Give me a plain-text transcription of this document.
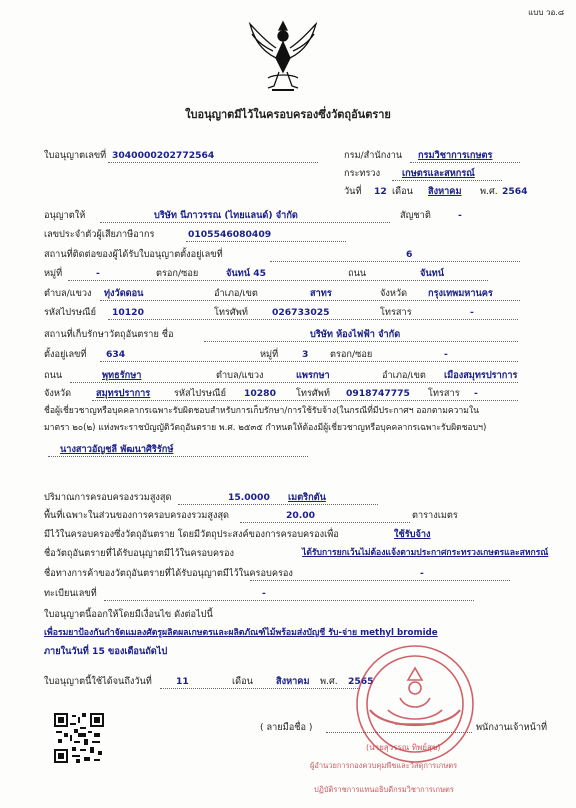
แบบ วอ.๘
ใบอนุญาตมีไว้ในครอบครองซึ่งวัตถุอันตราย
ใบอนุญาตเลขที่ 3040000202772564	กรม/สำนักงาน กรมวิชาการเกษตร
กระทรวง เกษตรและสหกรณ์
วันที่ 12 เดือน สิงหาคม พ.ศ. 2564
อนุญาตให้	บริษัท นีภาวรรณ (ไทยแลนด์) จำกัด	สัญชาติ	-
เลขประจำตัวผู้เสียภาษีอากร	0105546080409
สถานที่ติดต่อของผู้ได้รับใบอนุญาตตั้งอยู่เลขที่	6
หมู่ที่	-	ตรอก/ซอย	จันทน์ 45	ถนน	จันทน์
ตำบล/แขวง ทุ่งวัดดอน	อำเภอ/เขต	สาทร	จังหวัด กรุงเทพมหานคร
รหัสไปรษณีย์ 10120	โทรศัพท์	026733025	โทรสาร	-
สถานที่เก็บรักษาวัตถุอันตราย ชื่อ	บริษัท ห้องไฟฟ้า จำกัด
ตั้งอยู่เลขที่ 634	หมู่ที่	3 ตรอก/ซอย	-
ถนน	พุทธรักษา	ตำบล/แขวง	แพรกษา	อำเภอ/เขต เมืองสมุทรปราการ
จังหวัด	สมุทรปราการ	รหัสไปรษณีย์ 10280 โทรศัพท์ 0918747775 โทรสาร -
ชื่อผู้เชี่ยวชาญหรือบุคคลากรเฉพาะรับผิดชอบสำหรับการเก็บรักษา/การใช้รับจ้าง(ในกรณีที่มีประกาศฯ ออกตามความใน
มาตรา ๒๐(๒) แห่งพระราชบัญญัติวัตถุอันตราย พ.ศ. ๒๕๓๕ กำหนดให้ต้องมีผู้เชี่ยวชาญหรือบุคคลากรเฉพาะรับผิดชอบฯ)
นางสาวอัญชลี พัฒนาศิริรักษ์
ปริมาณการครอบครองรวมสูงสุด	15.0000 เมตริกตัน
พื้นที่เฉพาะในส่วนของการครอบครองรวมสูงสุด	20.00	ตารางเมตร
มีไว้ในครอบครองซึ่งวัตถุอันตราย โดยมีวัตถุประสงค์ของการครอบครองเพื่อ	ใช้รับจ้าง
ชื่อวัตถุอันตรายที่ได้รับอนุญาตมีไว้ในครอบครอง	ได้รับการยกเว้นไม่ต้องแจ้งตามประกาศกระทรวงเกษตรและสหกรณ์
ชื่อทางการค้าของวัตถุอันตรายที่ได้รับอนุญาตมีไว้ในครอบครอง	-
ทะเบียนเลขที่	-
ใบอนุญาตนี้ออกให้โดยมีเงื่อนไข ดังต่อไปนี้
เพื่อรมยาป้องกันกำจัดแมลงศัตรูผลิตผลเกษตรและผลิตภัณฑ์ไม้พร้อมส่งบัญชี รับ-จ่าย methyl bromide
ภายในวันที่ 15 ของเดือนถัดไป
ใบอนุญาตนี้ใช้ได้จนถึงวันที่	11	เดือน	สิงหาคม พ.ศ. 2565
( ลายมือชื่อ )	พนักงานเจ้าหน้าที่
(นายสุวรรณ ทิพย์สุข)
ผู้อำนวยการกองควบคุมพืชและวัสดุการเกษตร
ปฏิบัติราชการแทนอธิบดีกรมวิชาการเกษตร
